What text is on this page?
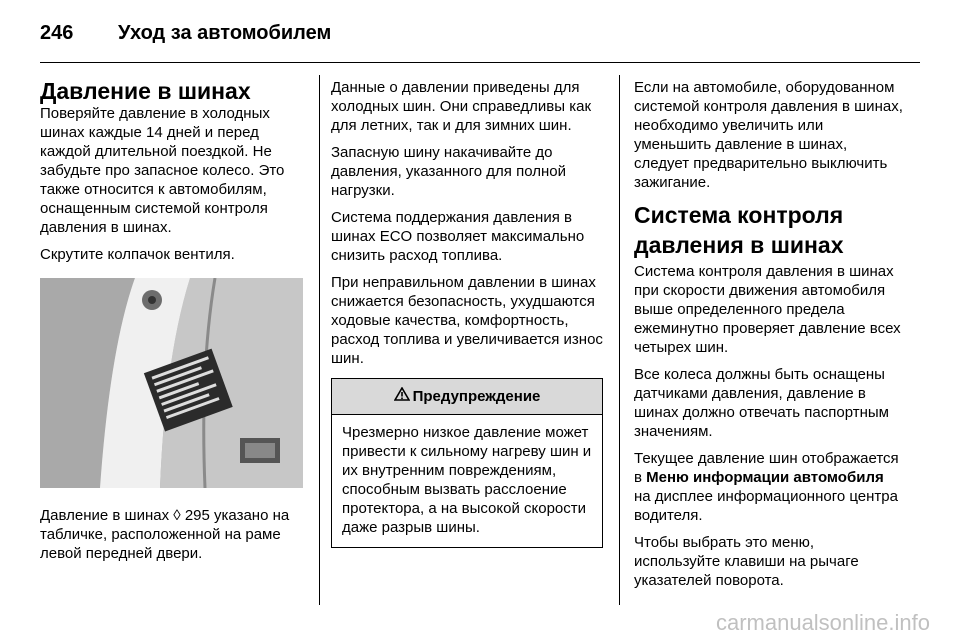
246 Уход за автомобилем
Давление в шинах

Поверяйте давление в холодных шинах каждые 14 дней и перед каждой длительной поездкой. Не забудьте про запасное колесо. Это также относится к автомобилям, оснащенным системой контроля давления в шинах.

Скрутите колпачок вентиля.

Давление в шинах ◊ 295 указано на табличке, расположенной на раме левой передней двери.

Данные о давлении приведены для холодных шин. Они справедливы как для летних, так и для зимних шин.

Запасную шину накачивайте до давления, указанного для полной нагрузки.

Система поддержания давления в шинах ECO позволяет максимально снизить расход топлива.

При неправильном давлении в шинах снижается безопасность, ухудшаются ходовые качества, комфортность, расход топлива и увеличивается износ шин.

Предупреждение
Чрезмерно низкое давление может привести к сильному нагреву шин и их внутренним повреждениям, способным вызвать расслоение протектора, а на высокой скорости даже разрыв шины.

Если на автомобиле, оборудованном системой контроля давления в шинах, необходимо увеличить или уменьшить давление в шинах, следует предварительно выключить зажигание.

Система контроля давления в шинах

Система контроля давления в шинах при скорости движения автомобиля выше определенного предела ежеминутно проверяет давление всех четырех шин.

Все колеса должны быть оснащены датчиками давления, давление в шинах должно отвечать паспортным значениям.

Текущее давление шин отображается в Меню информации автомобиля на дисплее информационного центра водителя.

Чтобы выбрать это меню, используйте клавиши на рычаге указателей поворота.

carmanualsonline.info
